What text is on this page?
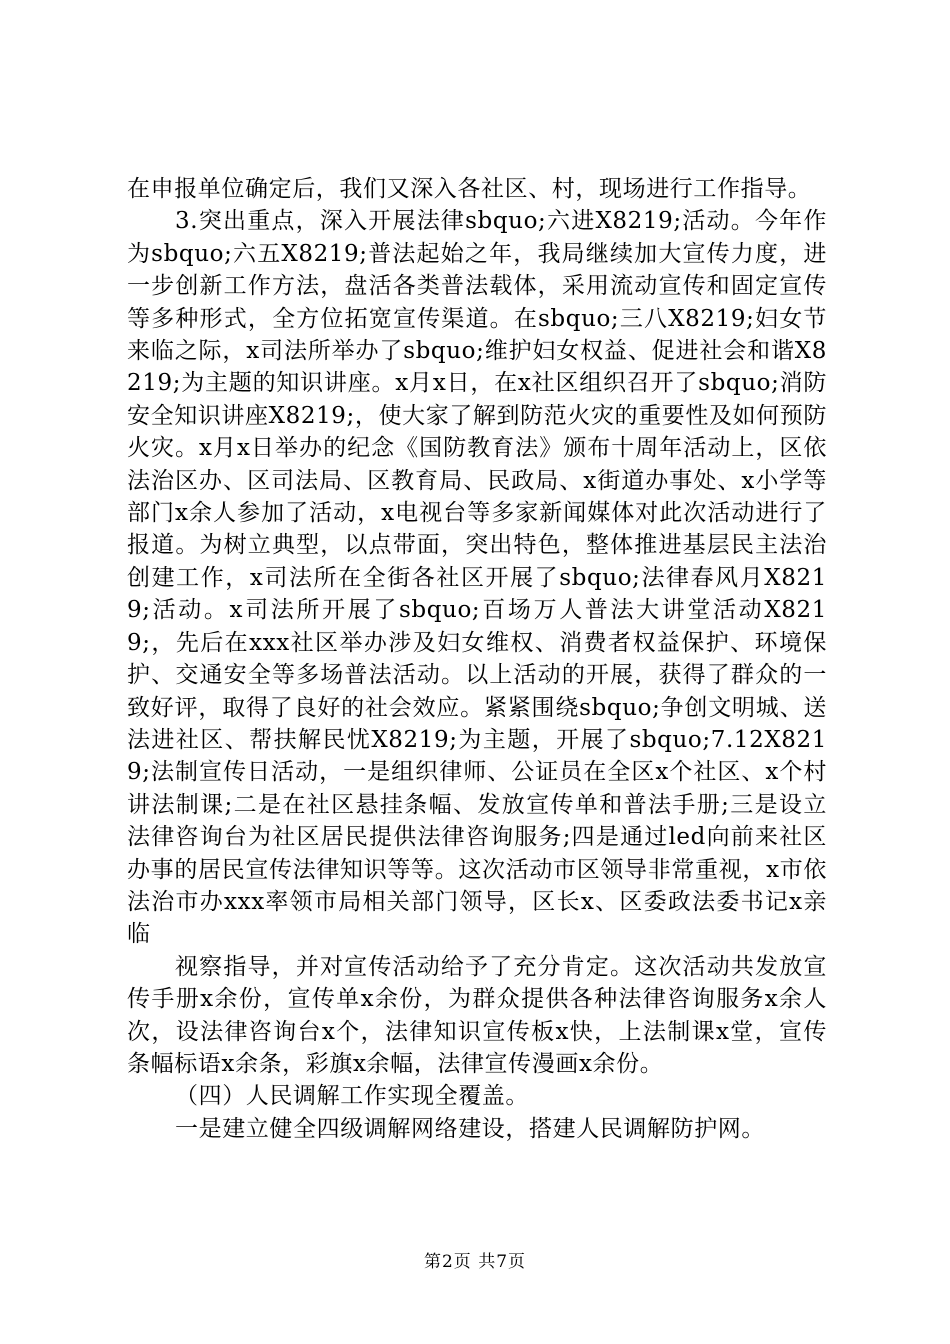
在申报单位确定后，我们又深入各社区、村，现场进行工作指导。

3.突出重点，深入开展法律sbquo;六进X8219;活动。今年作为sbquo;六五X8219;普法起始之年，我局继续加大宣传力度，进一步创新工作方法，盘活各类普法载体，采用流动宣传和固定宣传等多种形式，全方位拓宽宣传渠道。在sbquo;三八X8219;妇女节来临之际，x司法所举办了sbquo;维护妇女权益、促进社会和谐X8219;为主题的知识讲座。x月x日，在x社区组织召开了sbquo;消防安全知识讲座X8219;，使大家了解到防范火灾的重要性及如何预防火灾。x月x日举办的纪念《国防教育法》颁布十周年活动上，区依法治区办、区司法局、区教育局、民政局、x街道办事处、x小学等部门x余人参加了活动，x电视台等多家新闻媒体对此次活动进行了报道。为树立典型，以点带面，突出特色，整体推进基层民主法治创建工作，x司法所在全街各社区开展了sbquo;法律春风月X8219;活动。x司法所开展了sbquo;百场万人普法大讲堂活动X8219;，先后在xxx社区举办涉及妇女维权、消费者权益保护、环境保护、交通安全等多场普法活动。以上活动的开展，获得了群众的一致好评，取得了良好的社会效应。紧紧围绕sbquo;争创文明城、送法进社区、帮扶解民忧X8219;为主题，开展了sbquo;7.12X8219;法制宣传日活动，一是组织律师、公证员在全区x个社区、x个村讲法制课;二是在社区悬挂条幅、发放宣传单和普法手册;三是设立法律咨询台为社区居民提供法律咨询服务;四是通过led向前来社区办事的居民宣传法律知识等等。这次活动市区领导非常重视，x市依法治市办xxx率领市局相关部门领导，区长x、区委政法委书记x亲临

视察指导，并对宣传活动给予了充分肯定。这次活动共发放宣传手册x余份，宣传单x余份，为群众提供各种法律咨询服务x余人次，设法律咨询台x个，法律知识宣传板x快，上法制课x堂，宣传条幅标语x余条，彩旗x余幅，法律宣传漫画x余份。

（四）人民调解工作实现全覆盖。

一是建立健全四级调解网络建设，搭建人民调解防护网。

第2页 共7页
